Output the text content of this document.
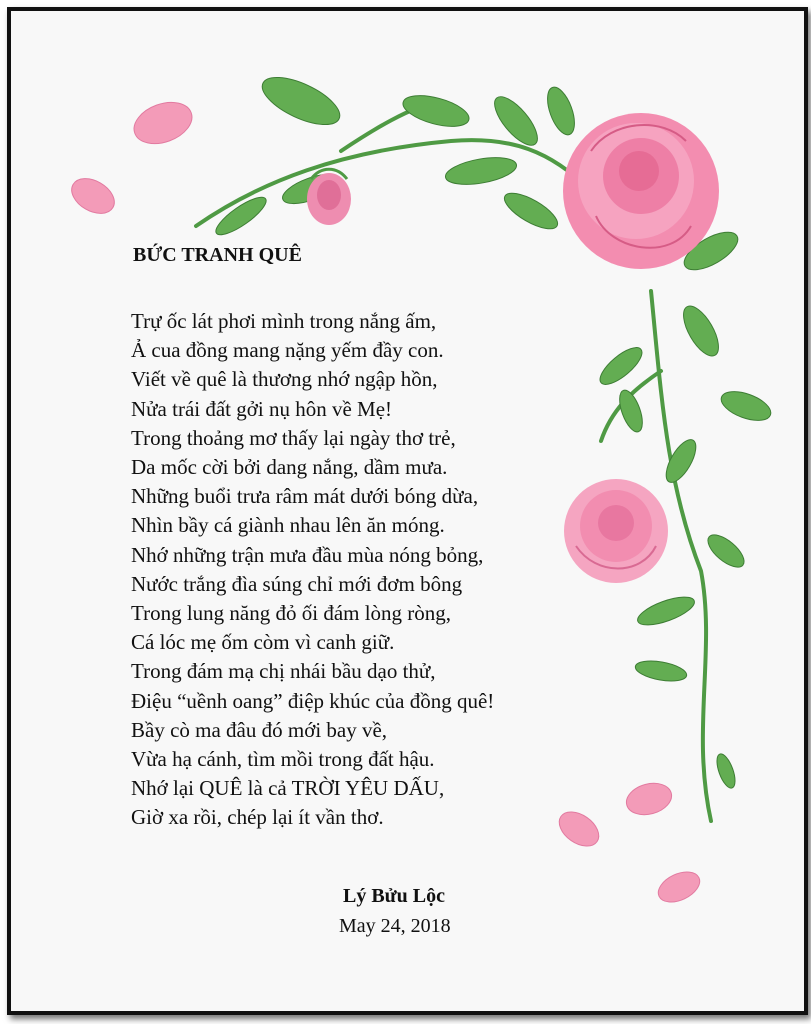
BỨC TRANH QUÊ
Trự ốc lát phơi mình trong nắng ấm,
Ả cua đồng mang nặng yếm đầy con.
Viết về quê là thương nhớ ngập hồn,
Nửa trái đất gởi nụ hôn về Mẹ!
Trong thoảng mơ thấy lại ngày thơ trẻ,
Da mốc cời bởi dang nắng, dầm mưa.
Những buổi trưa râm mát dưới bóng dừa,
Nhìn bầy cá giành nhau lên ăn móng.
Nhớ những trận mưa đầu mùa nóng bỏng,
Nước trắng đìa súng chỉ mới đơm bông
Trong lung năng đỏ ối đám lòng ròng,
Cá lóc mẹ ốm còm vì canh giữ.
Trong đám mạ chị nhái bầu dạo thử,
Điệu “uềnh oang” điệp khúc của đồng quê!
Bầy cò ma đâu đó mới bay về,
Vừa hạ cánh, tìm mồi trong đất hậu.
Nhớ lại QUÊ là cả TRỜI YÊU DẤU,
Giờ xa rồi, chép lại ít vần thơ.
Lý Bửu Lộc
May 24, 2018
